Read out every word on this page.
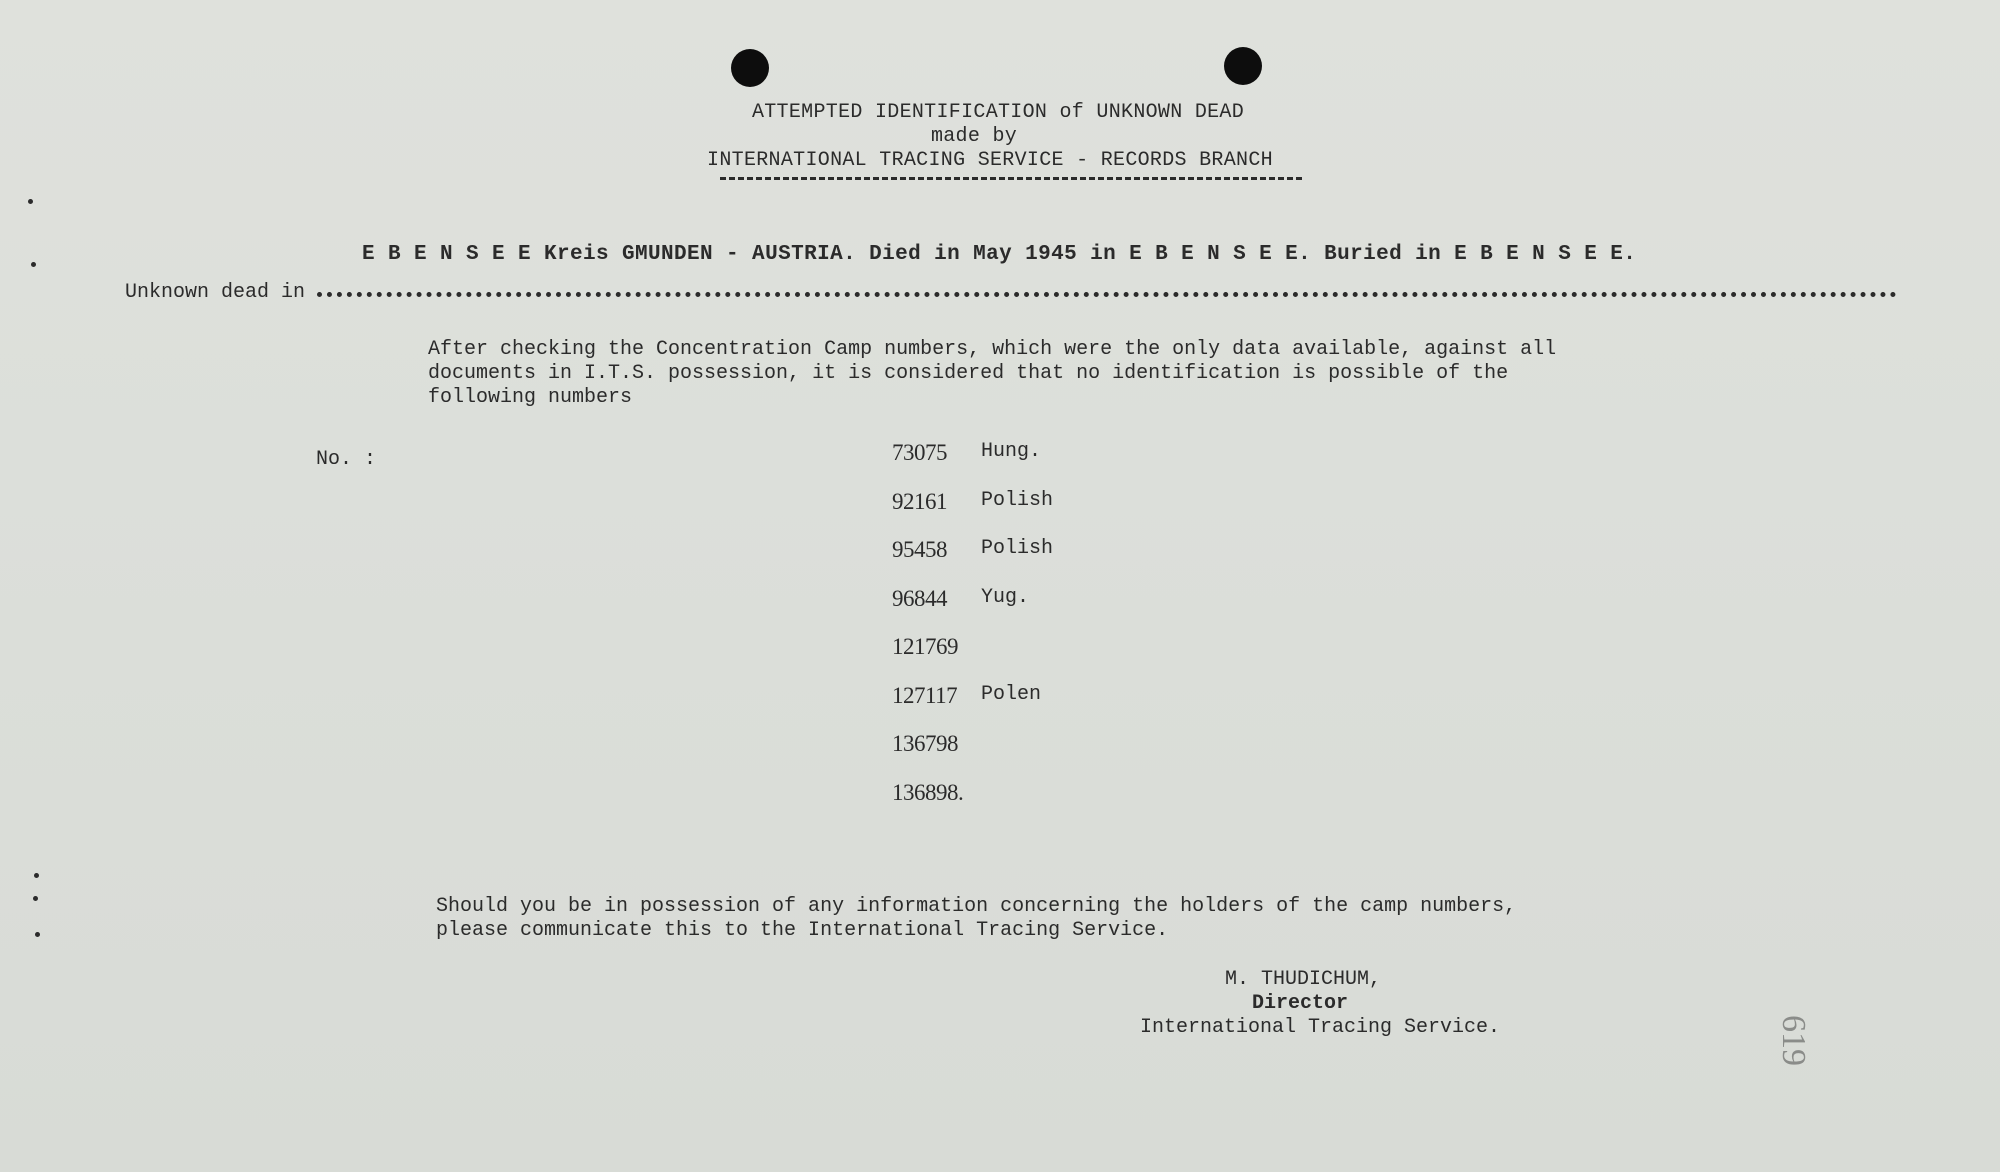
ATTEMPTED IDENTIFICATION of UNKNOWN DEAD
made by
INTERNATIONAL TRACING SERVICE - RECORDS BRANCH
E B E N S E E Kreis GMUNDEN - AUSTRIA. Died in May 1945 in E B E N S E E. Buried in E B E N S E E.
Unknown dead in
After checking the Concentration Camp numbers, which were the only data available, against all
documents in I.T.S. possession, it is considered that no identification is possible of the
following numbers
No. :	73075	Hung.
92161	Polish
95458	Polish
96844	Yug.
121769
127117	Polen
136798
136898.
Should you be in possession of any information concerning the holders of the camp numbers,
please communicate this to the International Tracing Service.
M. THUDICHUM,
Director
International Tracing Service.	619
